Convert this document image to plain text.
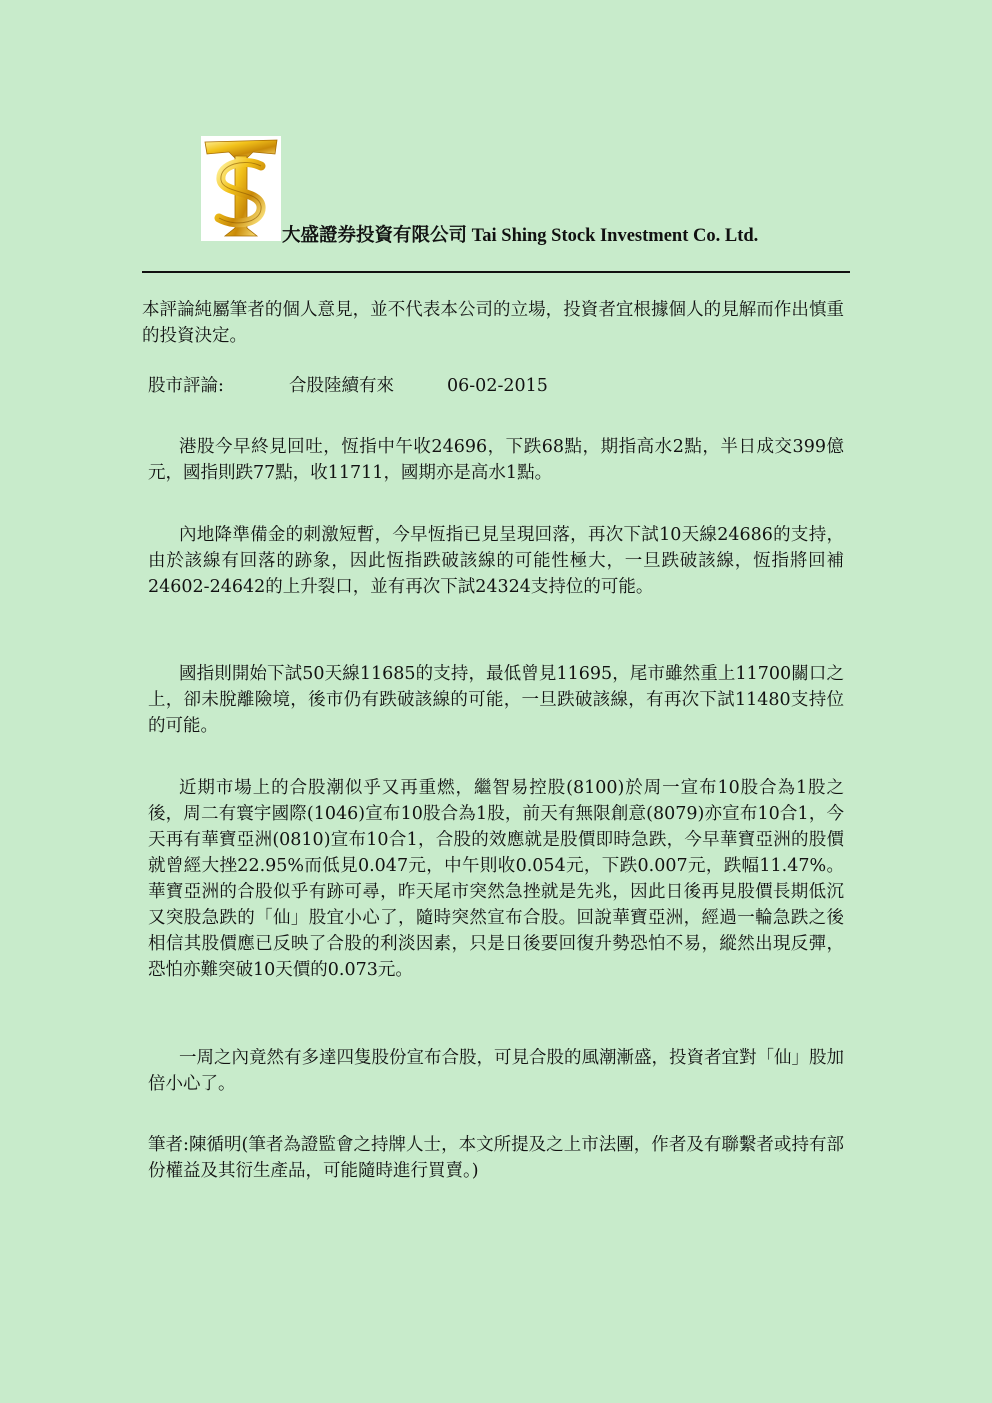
大盛證券投資有限公司 Tai Shing Stock Investment Co. Ltd.
本評論純屬筆者的個人意見，並不代表本公司的立場，投資者宜根據個人的見解而作出慎重的投資決定。
股市評論:	合股陸續有來	06-02-2015
港股今早終見回吐，恆指中午收24696，下跌68點，期指高水2點，半日成交399億元，國指則跌77點，收11711，國期亦是高水1點。
內地降準備金的刺激短暫，今早恆指已見呈現回落，再次下試10天線24686的支持，由於該線有回落的跡象，因此恆指跌破該線的可能性極大，一旦跌破該線，恆指將回補24602-24642的上升裂口，並有再次下試24324支持位的可能。
國指則開始下試50天線11685的支持，最低曾見11695，尾市雖然重上11700關口之上，卻未脫離險境，後市仍有跌破該線的可能，一旦跌破該線，有再次下試11480支持位的可能。
近期市場上的合股潮似乎又再重燃，繼智易控股(8100)於周一宣布10股合為1股之後，周二有寰宇國際(1046)宣布10股合為1股，前天有無限創意(8079)亦宣布10合1，今天再有華寶亞洲(0810)宣布10合1，合股的效應就是股價即時急跌，今早華寶亞洲的股價就曾經大挫22.95%而低見0.047元，中午則收0.054元，下跌0.007元，跌幅11.47%。華寶亞洲的合股似乎有跡可尋，昨天尾市突然急挫就是先兆，因此日後再見股價長期低沉又突股急跌的「仙」股宜小心了，隨時突然宣布合股。回說華寶亞洲，經過一輪急跌之後相信其股價應已反映了合股的利淡因素，只是日後要回復升勢恐怕不易，縱然出現反彈，恐怕亦難突破10天價的0.073元。
一周之內竟然有多達四隻股份宣布合股，可見合股的風潮漸盛，投資者宜對「仙」股加倍小心了。
筆者:陳循明(筆者為證監會之持牌人士，本文所提及之上市法團，作者及有聯繫者或持有部份權益及其衍生產品，可能隨時進行買賣。)
